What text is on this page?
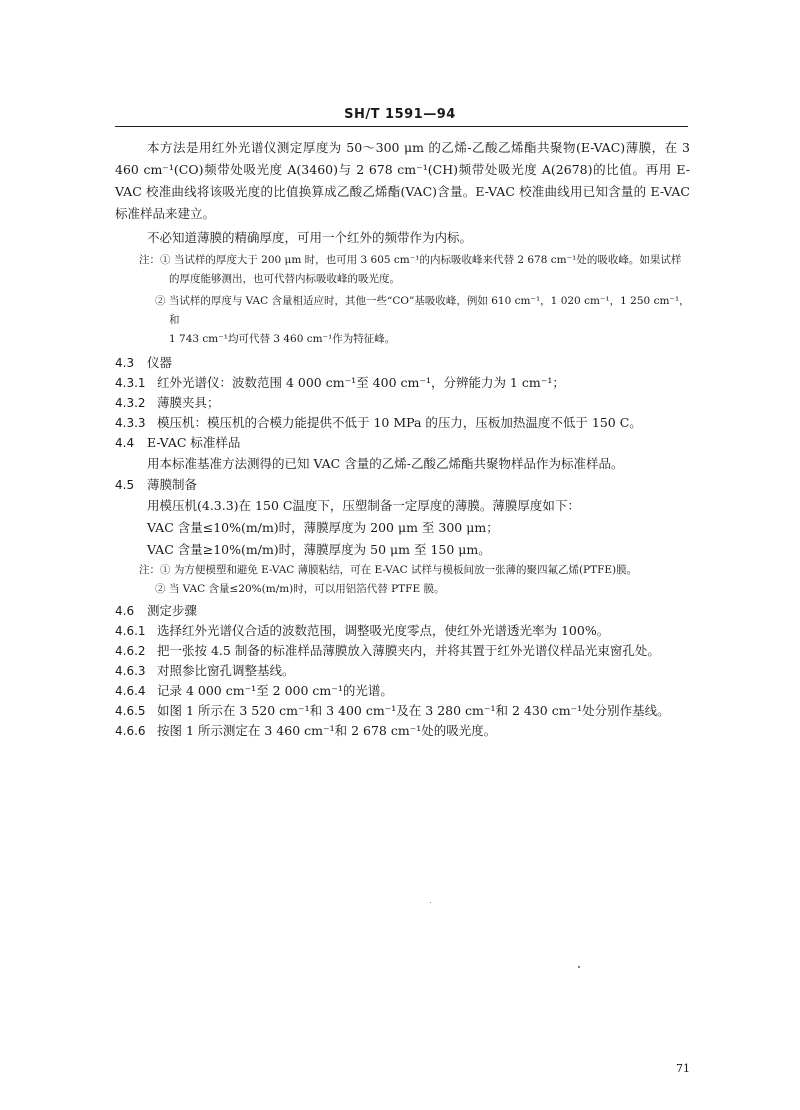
SH/T 1591—94

本方法是用红外光谱仪测定厚度为 50～300 μm 的乙烯-乙酸乙烯酯共聚物(E-VAC)薄膜，在 3 460 cm⁻¹(CO)频带处吸光度 A(3460)与 2 678 cm⁻¹(CH)频带处吸光度 A(2678)的比值。再用 E-VAC 校准曲线将该吸光度的比值换算成乙酸乙烯酯(VAC)含量。E-VAC 校准曲线用已知含量的 E-VAC 标准样品来建立。

不必知道薄膜的精确厚度，可用一个红外的频带作为内标。

注：① 当试样的厚度大于 200 μm 时，也可用 3 605 cm⁻¹的内标吸收峰来代替 2 678 cm⁻¹处的吸收峰。如果试样的厚度能够测出，也可代替内标吸收峰的吸光度。

② 当试样的厚度与 VAC 含量相适应时，其他一些“CO”基吸收峰，例如 610 cm⁻¹，1 020 cm⁻¹，1 250 cm⁻¹，和

1 743 cm⁻¹均可代替 3 460 cm⁻¹作为特征峰。

4.3	仪器
4.3.1 红外光谱仪：波数范围 4 000 cm⁻¹至 400 cm⁻¹，分辨能力为 1 cm⁻¹；
4.3.2 薄膜夹具；
4.3.3 模压机：模压机的合模力能提供不低于 10 MPa 的压力，压板加热温度不低于 150 C。
4.4	E-VAC 标准样品

用本标准基准方法测得的已知 VAC 含量的乙烯-乙酸乙烯酯共聚物样品作为标准样品。

4.5	薄膜制备

用模压机(4.3.3)在 150 C温度下，压塑制备一定厚度的薄膜。薄膜厚度如下：

VAC 含量≤10%(m/m)时，薄膜厚度为 200 μm 至 300 μm；

VAC 含量≥10%(m/m)时，薄膜厚度为 50 μm 至 150 μm。

注：① 为方便模塑和避免 E-VAC 薄膜粘结，可在 E-VAC 试样与模板间放一张薄的聚四氟乙烯(PTFE)膜。

② 当 VAC 含量≤20%(m/m)时，可以用铝箔代替 PTFE 膜。

4.6	测定步骤
4.6.1 选择红外光谱仪合适的波数范围，调整吸光度零点，使红外光谱透光率为 100%。
4.6.2 把一张按 4.5 制备的标准样品薄膜放入薄膜夹内，并将其置于红外光谱仪样品光束窗孔处。
4.6.3 对照参比窗孔调整基线。
4.6.4 记录 4 000 cm⁻¹至 2 000 cm⁻¹的光谱。
4.6.5 如图 1 所示在 3 520 cm⁻¹和 3 400 cm⁻¹及在 3 280 cm⁻¹和 2 430 cm⁻¹处分别作基线。
4.6.6 按图 1 所示测定在 3 460 cm⁻¹和 2 678 cm⁻¹处的吸光度。
71
